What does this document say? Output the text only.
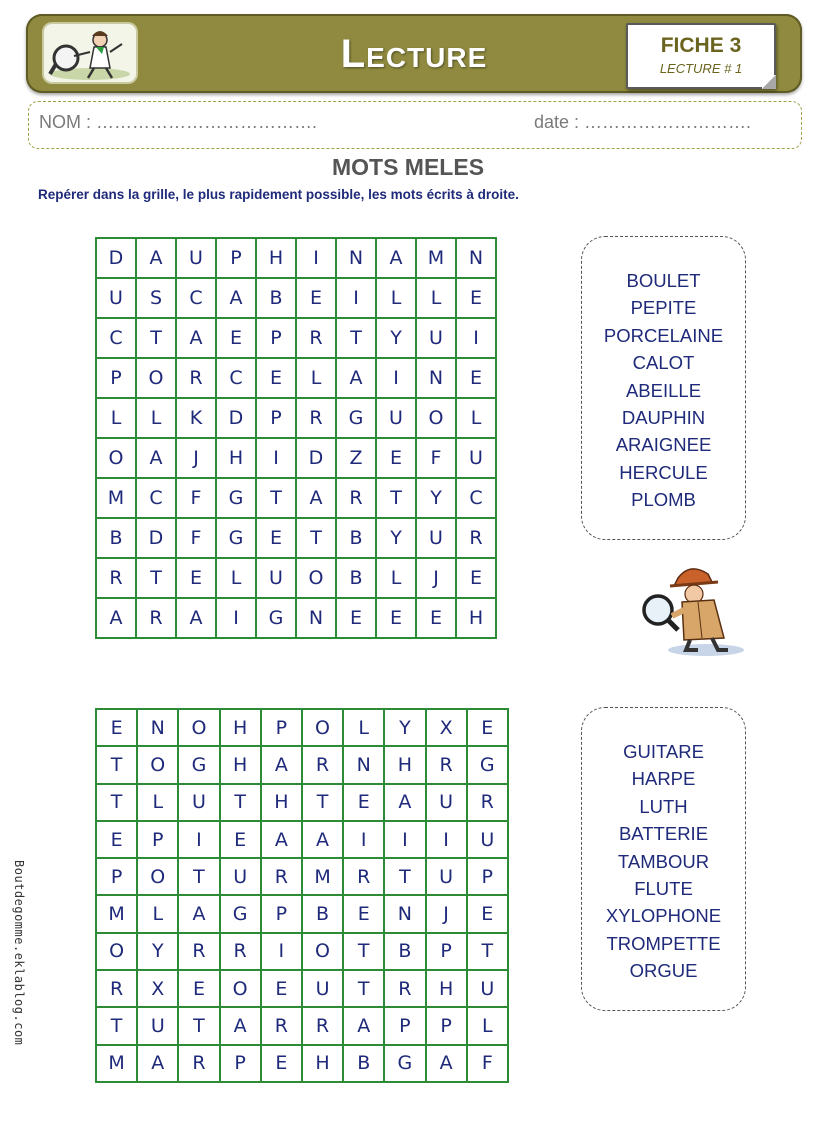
Lecture	FICHE 3
LECTURE # 1
NOM : ……………………………….	date : ……………………….
MOTS MELES
Repérer dans la grille, le plus rapidement possible, les mots écrits à droite.
D	A	U	P	H	I	N	A	M	N
U	S	C	A	B	E	I	L	L	E
C	T	A	E	P	R	T	Y	U	I
P	O	R	C	E	L	A	I	N	E
L	L	K	D	P	R	G	U	O	L
O	A	J	H	I	D	Z	E	F	U
M	C	F	G	T	A	R	T	Y	C
B	D	F	G	E	T	B	Y	U	R
R	T	E	L	U	O	B	L	J	E
A	R	A	I	G	N	E	E	E	H
BOULET
PEPITE
PORCELAINE
CALOT
ABEILLE
DAUPHIN
ARAIGNEE
HERCULE
PLOMB
E	N	O	H	P	O	L	Y	X	E
T	O	G	H	A	R	N	H	R	G
T	L	U	T	H	T	E	A	U	R
E	P	I	E	A	A	I	I	I	U
P	O	T	U	R	M	R	T	U	P
M	L	A	G	P	B	E	N	J	E
O	Y	R	R	I	O	T	B	P	T
R	X	E	O	E	U	T	R	H	U
T	U	T	A	R	R	A	P	P	L
M	A	R	P	E	H	B	G	A	F
GUITARE
HARPE
LUTH
BATTERIE
TAMBOUR
FLUTE
XYLOPHONE
TROMPETTE
ORGUE
Boutdegomme.eklablog.com
